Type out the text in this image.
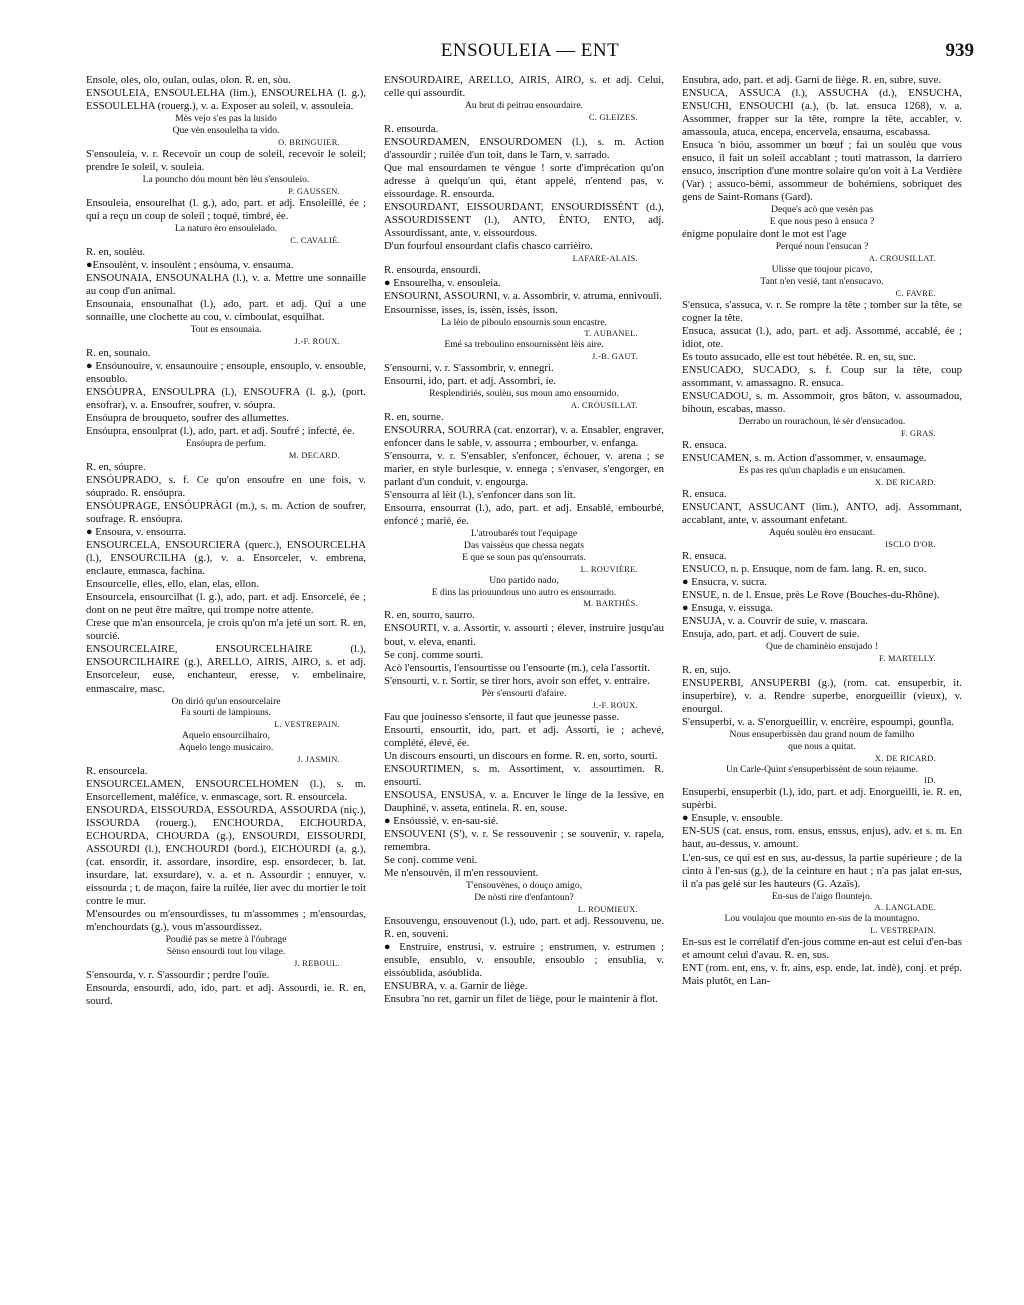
ENSOULEIA — ENT	939
Ensole, oles, olo, oulan, oulas, olon. R. en, sòu.
ENSOULEIA, ENSOULELHA (lim.), ENSOURELHA (l. g.), ESSOULELHA (rouerg.), v. a. Exposer au soleil, v. assouleia.
Mès vejo s'es pas la lusido
Que vèn ensoulelha ta vido.
O. BRINGUIER.
S'ensouleia, v. r. Recevoir un coup de soleil, recevoir le soleil; prendre le soleil, v. souleia.
La pouncho dóu mount bèn lèu s'ensouleio.
P. GAUSSEN.
Ensouleia, ensourelhat (l. g.), ado, part. et adj. Ensoleillé, ée ; qui a reçu un coup de soleil ; toqué, timbré, ée.
La naturo èro ensoulelado.
C. CAVALIÉ.
R. en, soulèu.
●Ensoulènt, v. insoulènt ; ensòuma, v. ensauma.
ENSOUNAIA, ENSOUNALHA (l.), v. a. Mettre une sonnaille au coup d'un animal.
Ensounaia, ensounalhat (l.), ado, part. et adj. Qui a une sonnaille, une clochette au cou, v. cimboulat, esquilhat.
Tout es ensounaia.
J.-F. ROUX.
R. en, sounaio.
● Ensóunouire, v. ensaunouire ; ensouple, ensouplo, v. ensouble, ensoublo.
ENSÓUPRA, ENSOULPRA (l.), ENSOUFRA (l. g.), (port. ensofrar), v. a. Ensoufrer, soufrer, v. sóupra.
Ensóupra de brouqueto, soufrer des allumettes.
Ensóupra, ensoulprat (l.), ado, part. et adj. Soufré ; infecté, ée.
Ensóupra de perfum.
M. DECARD.
R. en, sóupre.
ENSÓUPRADO, s. f. Ce qu'on ensoufre en une fois, v. sóuprado. R. ensóupra.
ENSÓUPRAGE, ENSÓUPRÀGI (m.), s. m. Action de soufrer, soufrage. R. ensóupra.
● Ensoura, v. ensourra.
ENSOURCELA, ENSOURCIERA (querc.), ENSOURCELHA (l.), ENSOURCILHA (g.), v. a. Ensorceler, v. embrena, enclaure, enmasca, fachina.
Ensourcelle, elles, ello, elan, elas, ellon.
Ensourcela, ensourcilhat (l. g.), ado, part. et adj. Ensorcelé, ée ; dont on ne peut être maître, qui trompe notre attente.
Crese que m'an ensourcela, je crois qu'on m'a jeté un sort. R. en, sourcié.
ENSOURCELAIRE, ENSOURCELHAIRE (l.), ENSOURCILHAIRE (g.), ARELLO, AIRIS, AIRO, s. et adj. Ensorceleur, euse, enchanteur, eresse, v. embelinaire, enmascaire, masc.
On dirió qu'un ensourcelaire
Fa sourti de lampiouns.
L. VESTREPAIN.
Aquelo ensourcilhairo,
Aquelo lengo musicairo.
J. JASMIN.
R. ensourcela.
ENSOURCELAMEN, ENSOURCELHOMEN (l.), s. m. Ensorcellement, maléfice, v. enmascage, sort. R. ensourcela.
ENSOURDA, EISSOURDA, ESSOURDA, ASSOURDA (niç.), ISSOURDA (rouerg.), ENCHOURDA, EICHOURDA, ECHOURDA, CHOURDA (g.), ENSOURDI, EISSOURDI, ASSOURDI (l.), ENCHOURDI (bord.), EICHOURDI (a. g.), (cat. ensordir, it. assordare, insordire, esp. ensordecer, b. lat. insurdare, lat. exsurdare), v. a. et n. Assourdir ; ennuyer, v. eissourda ; t. de maçon, faire la ruilée, lier avec du mortier le toit contre le mur.
M'ensourdes ou m'ensourdisses, tu m'assommes ; m'ensourdas, m'enchourdats (g.), vous m'assourdissez.
Poudié pas se metre à l'óubrage
Sènso ensourdi tout lou vilage.
J. REBOUL.
S'ensourda, v. r. S'assourdir ; perdre l'ouïe.
Ensourda, ensourdi, ado, ido, part. et adj. Assourdi, ie. R. en, sourd.
ENSOURDAIRE, ARELLO, AIRIS, AIRO, s. et adj. Celui, celle qui assourdit.
Au brut di peitrau ensourdaire.
C. GLEIZES.
R. ensourda.
ENSOURDAMEN, ENSOURDOMEN (l.), s. m. Action d'assourdir ; ruilée d'un toit, dans le Tarn, v. sarrado.
Que mal ensourdamen te vèngue ! sorte d'imprécation qu'on adresse à quelqu'un qui, étant appelé, n'entend pas, v. eissourdage. R. ensourda.
ENSOURDANT, EISSOURDANT, ENSOURDISSÈNT (d.), ASSOURDISSENT (l.), ANTO, ÈNTO, ENTO, adj. Assourdissant, ante, v. eissourdous.
D'un fourfoul ensourdant clafis chasco carrièiro.
LAFARE-ALAIS.
R. ensourda, ensourdi.
● Ensourelha, v. ensouleia.
ENSOURNI, ASSOURNI, v. a. Assombrir, v. atruma, ennivouli.
Ensournisse, isses, is, issèn, issès, isson.
La lèio de piboulo ensournis soun encastre.
T. AUBANEL.
Emé sa treboulino ensournissènt lèis aire.
J.-B. GAUT.
S'ensourni, v. r. S'assombrir, v. ennegri.
Ensourni, ido, part. et adj. Assombri, ie.
Resplendiriés, soulèu, sus moun amo ensournido.
A. CROUSILLAT.
R. en, sourne.
ENSOURRA, SOURRA (cat. enzorrar), v. a. Ensabler, engraver, enfoncer dans le sable, v. assourra ; embourber, v. enfanga.
S'ensourra, v. r. S'ensabler, s'enfoncer, échouer, v. arena ; se marier, en style burlesque, v. ennega ; s'envaser, s'engorger, en parlant d'un conduit, v. engourga.
S'ensourra al lèit (l.), s'enfoncer dans son lit.
Ensourra, ensourrat (l.), ado, part. et adj. Ensablé, embourbé, enfoncé ; marié, ée.
L'atroubarés tout l'equipage
Das vaissèus que chessa negats
E que se soun pas qu'ensourrats.
L. ROUVIÈRE.
Uno partido nado,
E dins las priouundous uno autro es ensourrado.
M. BARTHÉS.
R. en, sourro, saurro.
ENSOURTI, v. a. Assortir, v. assourti ; élever, instruire jusqu'au bout, v. eleva, enanti.
Se conj. comme sourti.
Acò l'ensourtis, l'ensourtisse ou l'ensourte (m.), cela l'assortit.
S'ensourti, v. r. Sortir, se tirer hors, avoir son effet, v. entraire.
Pèr s'ensourti d'afaire.
J.-F. ROUX.
Fau que jouinesso s'ensorte, il faut que jeunesse passe.
Ensourti, ensourtit, ido, part. et adj. Assorti, ie ; achevé, complété, élevé, ée.
Un discours ensourti, un discours en forme. R. en, sorto, sourti.
ENSOURTIMEN, s. m. Assortiment, v. assourtimen. R. ensourti.
ENSOUSA, ENSUSA, v. a. Encuver le linge de la lessive, en Dauphiné, v. asseta, entinela. R. en, souse.
● Ensóussié, v. en-sau-sié.
ENSOUVENI (S'), v. r. Se ressouvenir ; se souvenir, v. rapela, remembra.
Se conj. comme veni.
Me n'ensouvèn, il m'en ressouvient.
T'ensouvènes, o douço amigo,
De nòsti rire d'enfantoun?
L. ROUMIEUX.
Ensouvengu, ensouvenout (l.), udo, part. et adj. Ressouvenu, ue. R. en, souveni.
● Enstruire, enstrusi, v. estruire ; enstrumen, v. estrumen ; ensuble, ensublo, v. ensouble, ensoublo ; ensublia, v. eissóublida, asóublida.
ENSUBRA, v. a. Garnir de liège.
Ensubra 'no ret, garnir un filet de liège, pour le maintenir à flot.
Ensubra, ado, part. et adj. Garni de liège. R. en, subre, suve.
ENSUCA, ASSUCA (l.), ASSUCHA (d.), ENSUCHA, ENSUCHI, ENSOUCHI (a.), (b. lat. ensuca 1268), v. a. Assommer, frapper sur la tête, rompre la tête, accabler, v. amassoula, atuca, encepa, encervela, ensauma, escabassa.
Ensuca 'n bióu, assommer un bœuf ; fai un soulèu que vous ensuco, il fait un soleil accablant ; touti matrasson, la darriero ensuco, inscription d'une montre solaire qu'on voit à La Verdière (Var) ; assuco-bèmi, assommeur de bohémiens, sobriquet des gens de Saint-Romans (Gard).
Deque's acò que vesèn pas
E que nous peso à ensuca ?
énigme populaire dont le mot est l'age
Perqué noun l'ensucan ?
A. CROUSILLAT.
Ulisse que toujour picavo,
Tant n'en vesié, tant n'ensucavo.
C. FAVRE.
S'ensuca, s'assuca, v. r. Se rompre la tête ; tomber sur la tête, se cogner la tête.
Ensuca, assucat (l.), ado, part. et adj. Assommé, accablé, ée ; idiot, ote.
Es touto assucado, elle est tout hébétée. R. en, su, suc.
ENSUCADO, SUCADO, s. f. Coup sur la tête, coup assommant, v. amassagno. R. ensuca.
ENSUCADOU, s. m. Assommoir, gros bâton, v. assoumadou, bihoun, escabas, masso.
Derrabo un rourachoun, lé sèr d'ensucadou.
F. GRAS.
R. ensuca.
ENSUCAMEN, s. m. Action d'assommer, v. ensaumage.
Es pas res qu'un chapladis e un ensucamen.
X. DE RICARD.
R. ensuca.
ENSUCANT, ASSUCANT (lim.), ANTO, adj. Assommant, accablant, ante, v. assoumant enfetant.
Aquéu soulèu èro ensucant.
ISCLO D'OR.
R. ensuca.
ENSUCO, n. p. Ensuque, nom de fam. lang. R. en, suco.
● Ensucra, v. sucra.
ENSUE, n. de l. Ensue, près Le Rove (Bouches-du-Rhône).
● Ensuga, v. eissuga.
ENSUJA, v. a. Couvrir de suie, v. mascara.
Ensuja, ado, part. et adj. Couvert de suie.
Que de chaminèio ensujado !
F. MARTELLY.
R. en, sujo.
ENSUPERBI, ANSUPERBI (g.), (rom. cat. ensuperbir, it. insuperbire), v. a. Rendre superbe, enorgueillir (vieux), v. enourgul.
S'ensuperbi, v. a. S'enorgueillir, v. encrèire, espoumpi, gounfla.
Nous ensuperbissèn dau grand noum de familho
que nous a quitat.
X. DE RICARD.
Un Carle-Quint s'ensuperbissènt de soun reiaume.
ID.
Ensuperbi, ensuperbit (l.), ido, part. et adj. Enorgueilli, ie. R. en, supèrbi.
● Ensuple, v. ensouble.
EN-SUS (cat. ensus, rom. ensus, enssus, enjus), adv. et s. m. En haut, au-dessus, v. amount.
L'en-sus, ce qui est en sus, au-dessus, la partie supérieure ; de la cinto à l'en-sus (g.), de la ceinture en haut ; n'a pas jalat en-sus, il n'a pas gelé sur les hauteurs (G. Azaïs).
En-sus de l'aigo flountejo.
A. LANGLADE.
Lou voulajou que mounto en-sus de la mountagno.
L. VESTREPAIN.
En-sus est le corrélatif d'en-jous comme en-aut est celui d'en-bas et amount celui d'avau. R. en, sus.
ENT (rom. ent, ens, v. fr. ains, esp. ende, lat. indè), conj. et prép. Mais plutôt, en Lan-
